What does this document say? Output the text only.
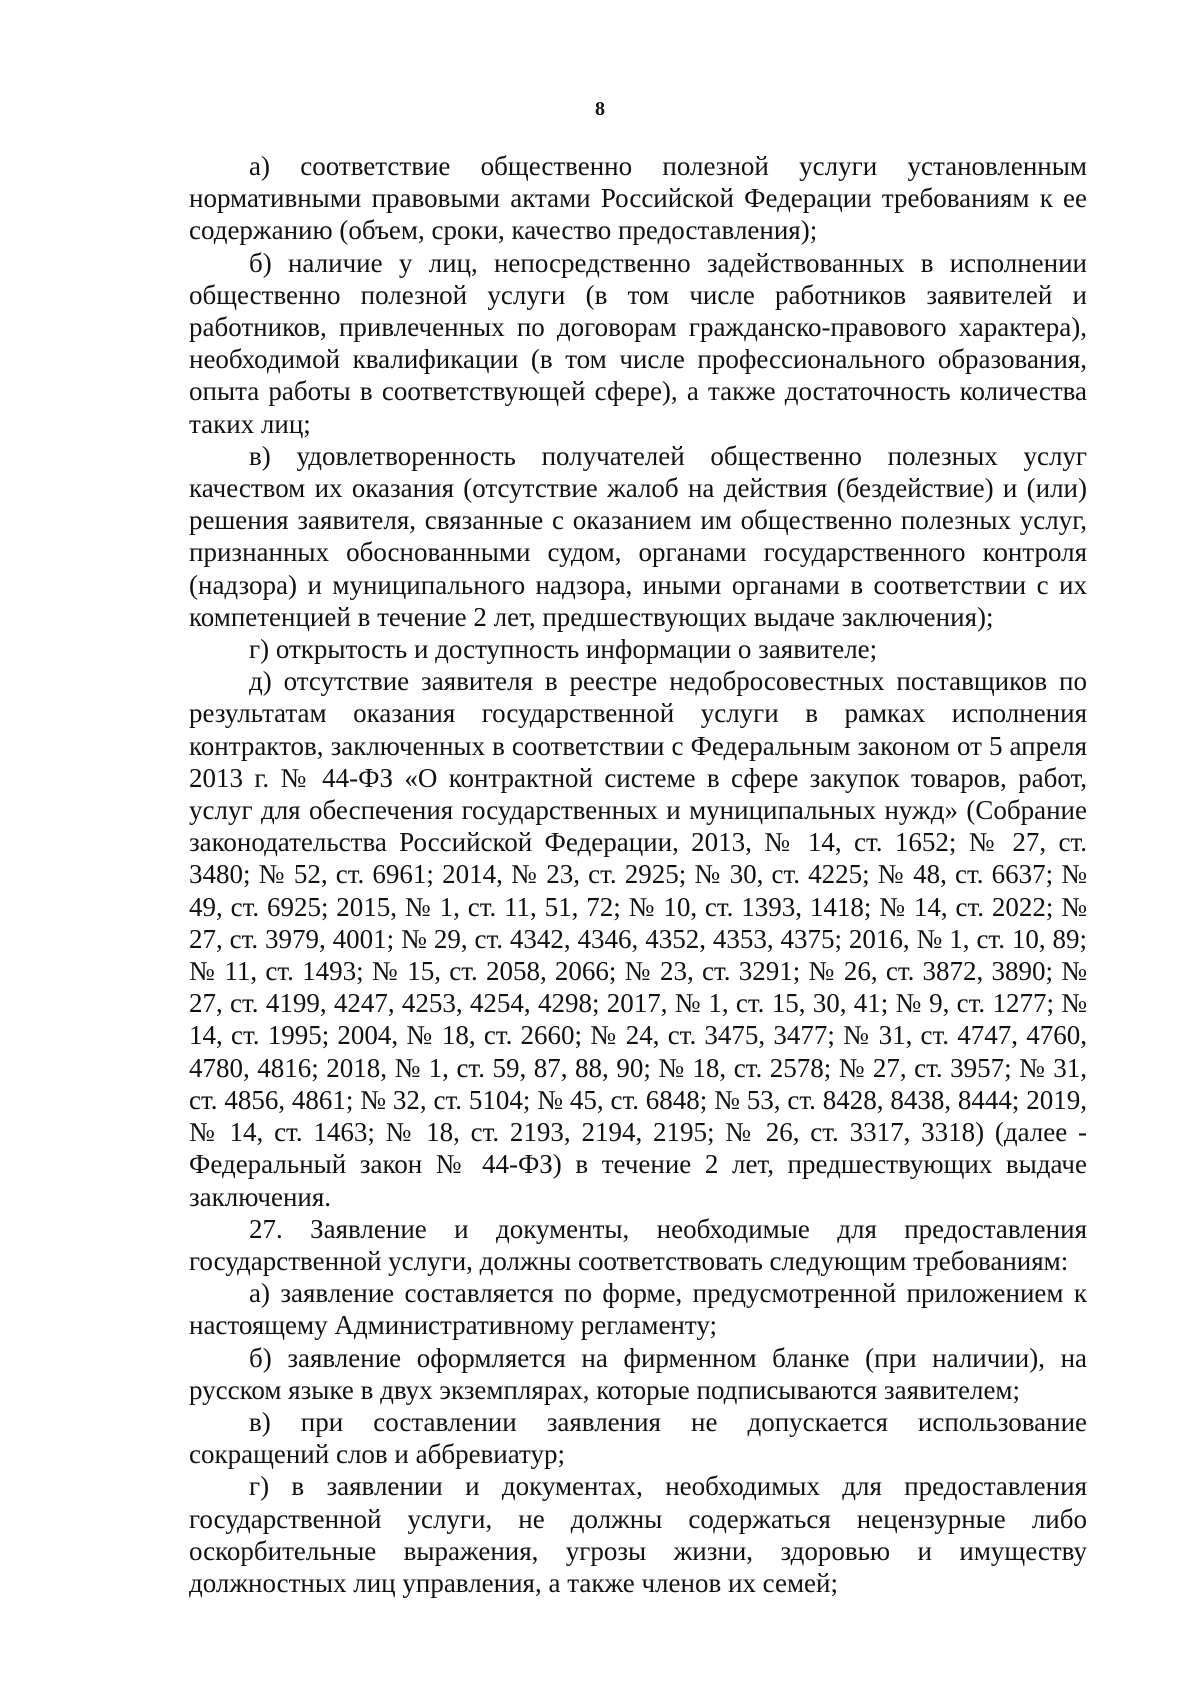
8

а) соответствие общественно полезной услуги установленным нормативными правовыми актами Российской Федерации требованиям к ее содержанию (объем, сроки, качество предоставления);

б) наличие у лиц, непосредственно задействованных в исполнении общественно полезной услуги (в том числе работников заявителей и работников, привлеченных по договорам гражданско-правового характера), необходимой квалификации (в том числе профессионального образования, опыта работы в соответствующей сфере), а также достаточность количества таких лиц;

в) удовлетворенность получателей общественно полезных услуг качеством их оказания (отсутствие жалоб на действия (бездействие) и (или) решения заявителя, связанные с оказанием им общественно полезных услуг, признанных обоснованными судом, органами государственного контроля (надзора) и муниципального надзора, иными органами в соответствии с их компетенцией в течение 2 лет, предшествующих выдаче заключения);

г) открытость и доступность информации о заявителе;

д) отсутствие заявителя в реестре недобросовестных поставщиков по результатам оказания государственной услуги в рамках исполнения контрактов, заключенных в соответствии с Федеральным законом от 5 апреля 2013 г. № 44-ФЗ «О контрактной системе в сфере закупок товаров, работ, услуг для обеспечения государственных и муниципальных нужд» (Собрание законодательства Российской Федерации, 2013, № 14, ст. 1652; № 27, ст. 3480; № 52, ст. 6961; 2014, № 23, ст. 2925; № 30, ст. 4225; № 48, ст. 6637; № 49, ст. 6925; 2015, № 1, ст. 11, 51, 72; № 10, ст. 1393, 1418; № 14, ст. 2022; № 27, ст. 3979, 4001; № 29, ст. 4342, 4346, 4352, 4353, 4375; 2016, № 1, ст. 10, 89; № 11, ст. 1493; № 15, ст. 2058, 2066; № 23, ст. 3291; № 26, ст. 3872, 3890; № 27, ст. 4199, 4247, 4253, 4254, 4298; 2017, № 1, ст. 15, 30, 41; № 9, ст. 1277; № 14, ст. 1995; 2004, № 18, ст. 2660; № 24, ст. 3475, 3477; № 31, ст. 4747, 4760, 4780, 4816; 2018, № 1, ст. 59, 87, 88, 90; № 18, ст. 2578; № 27, ст. 3957; № 31, ст. 4856, 4861; № 32, ст. 5104; № 45, ст. 6848; № 53, ст. 8428, 8438, 8444; 2019, № 14, ст. 1463; № 18, ст. 2193, 2194, 2195; № 26, ст. 3317, 3318) (далее - Федеральный закон № 44-ФЗ) в течение 2 лет, предшествующих выдаче заключения.

27. Заявление и документы, необходимые для предоставления государственной услуги, должны соответствовать следующим требованиям:

а) заявление составляется по форме, предусмотренной приложением к настоящему Административному регламенту;

б) заявление оформляется на фирменном бланке (при наличии), на русском языке в двух экземплярах, которые подписываются заявителем;

в) при составлении заявления не допускается использование сокращений слов и аббревиатур;

г) в заявлении и документах, необходимых для предоставления государственной услуги, не должны содержаться нецензурные либо оскорбительные выражения, угрозы жизни, здоровью и имуществу должностных лиц управления, а также членов их семей;
